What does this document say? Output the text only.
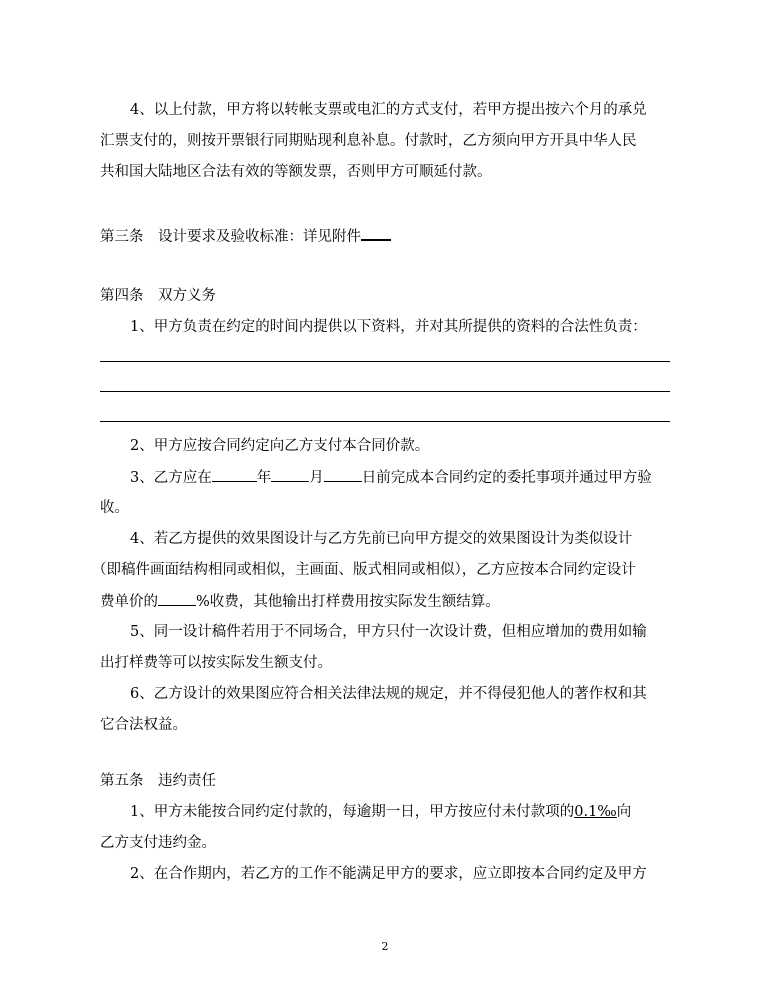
4、以上付款，甲方将以转帐支票或电汇的方式支付，若甲方提出按六个月的承兑
汇票支付的，则按开票银行同期贴现利息补息。付款时，乙方须向甲方开具中华人民
共和国大陆地区合法有效的等额发票，否则甲方可顺延付款。
第三条　设计要求及验收标准：详见附件
第四条　双方义务
1、甲方负责在约定的时间内提供以下资料，并对其所提供的资料的合法性负责：
2、甲方应按合同约定向乙方支付本合同价款。
3、乙方应在	年	月	日前完成本合同约定的委托事项并通过甲方验
收。
4、若乙方提供的效果图设计与乙方先前已向甲方提交的效果图设计为类似设计
（即稿件画面结构相同或相似，主画面、版式相同或相似），乙方应按本合同约定设计
费单价的	%收费，其他输出打样费用按实际发生额结算。
5、同一设计稿件若用于不同场合，甲方只付一次设计费，但相应增加的费用如输
出打样费等可以按实际发生额支付。
6、乙方设计的效果图应符合相关法律法规的规定，并不得侵犯他人的著作权和其
它合法权益。
第五条　违约责任
1、甲方未能按合同约定付款的，每逾期一日，甲方按应付未付款项的0.1‰向
乙方支付违约金。
2、在合作期内，若乙方的工作不能满足甲方的要求，应立即按本合同约定及甲方
2
